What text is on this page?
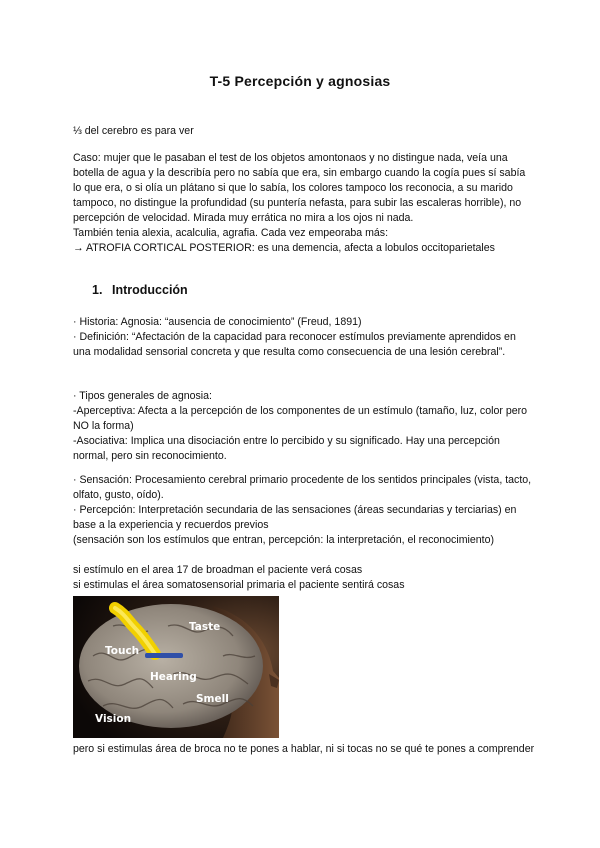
T-5 Percepción y agnosias
⅓ del cerebro es para ver
Caso: mujer que le pasaban el test de los objetos amontonaos y no distingue nada, veía una botella de agua y la describía pero no sabía que era, sin embargo cuando la cogía pues sí sabía lo que era, o si olía un plátano si que lo sabía, los colores tampoco los reconocia, a su marido tampoco, no distingue la profundidad (su puntería nefasta, para subir las escaleras horrible), no percepción de velocidad. Mirada muy errática no mira a los ojos ni nada.
También tenia alexia, acalculia, agrafia. Cada vez empeoraba más:
→ ATROFIA CORTICAL POSTERIOR: es una demencia, afecta a lobulos occitoparietales
1. Introducción
· Historia: Agnosia: “ausencia de conocimiento” (Freud, 1891)
· Definición: “Afectación de la capacidad para reconocer estímulos previamente aprendidos en una modalidad sensorial concreta y que resulta como consecuencia de una lesión cerebral”.
· Tipos generales de agnosia:
-Aperceptiva: Afecta a la percepción de los componentes de un estímulo (tamaño, luz, color pero NO la forma)
-Asociativa: Implica una disociación entre lo percibido y su significado. Hay una percepción normal, pero sin reconocimiento.
· Sensación: Procesamiento cerebral primario procedente de los sentidos principales (vista, tacto, olfato, gusto, oído).
· Percepción: Interpretación secundaria de las sensaciones (áreas secundarias y terciarias) en base a la experiencia y recuerdos previos
(sensación son los estímulos que entran, percepción: la interpretación, el reconocimiento)
si estímulo en el area 17 de broadman el paciente verá cosas
si estimulas el área somatosensorial primaria el paciente sentirá cosas
Taste
Touch
Hearing
Smell
Vision
pero si estimulas área de broca no te pones a hablar, ni si tocas no se qué te pones a comprender
